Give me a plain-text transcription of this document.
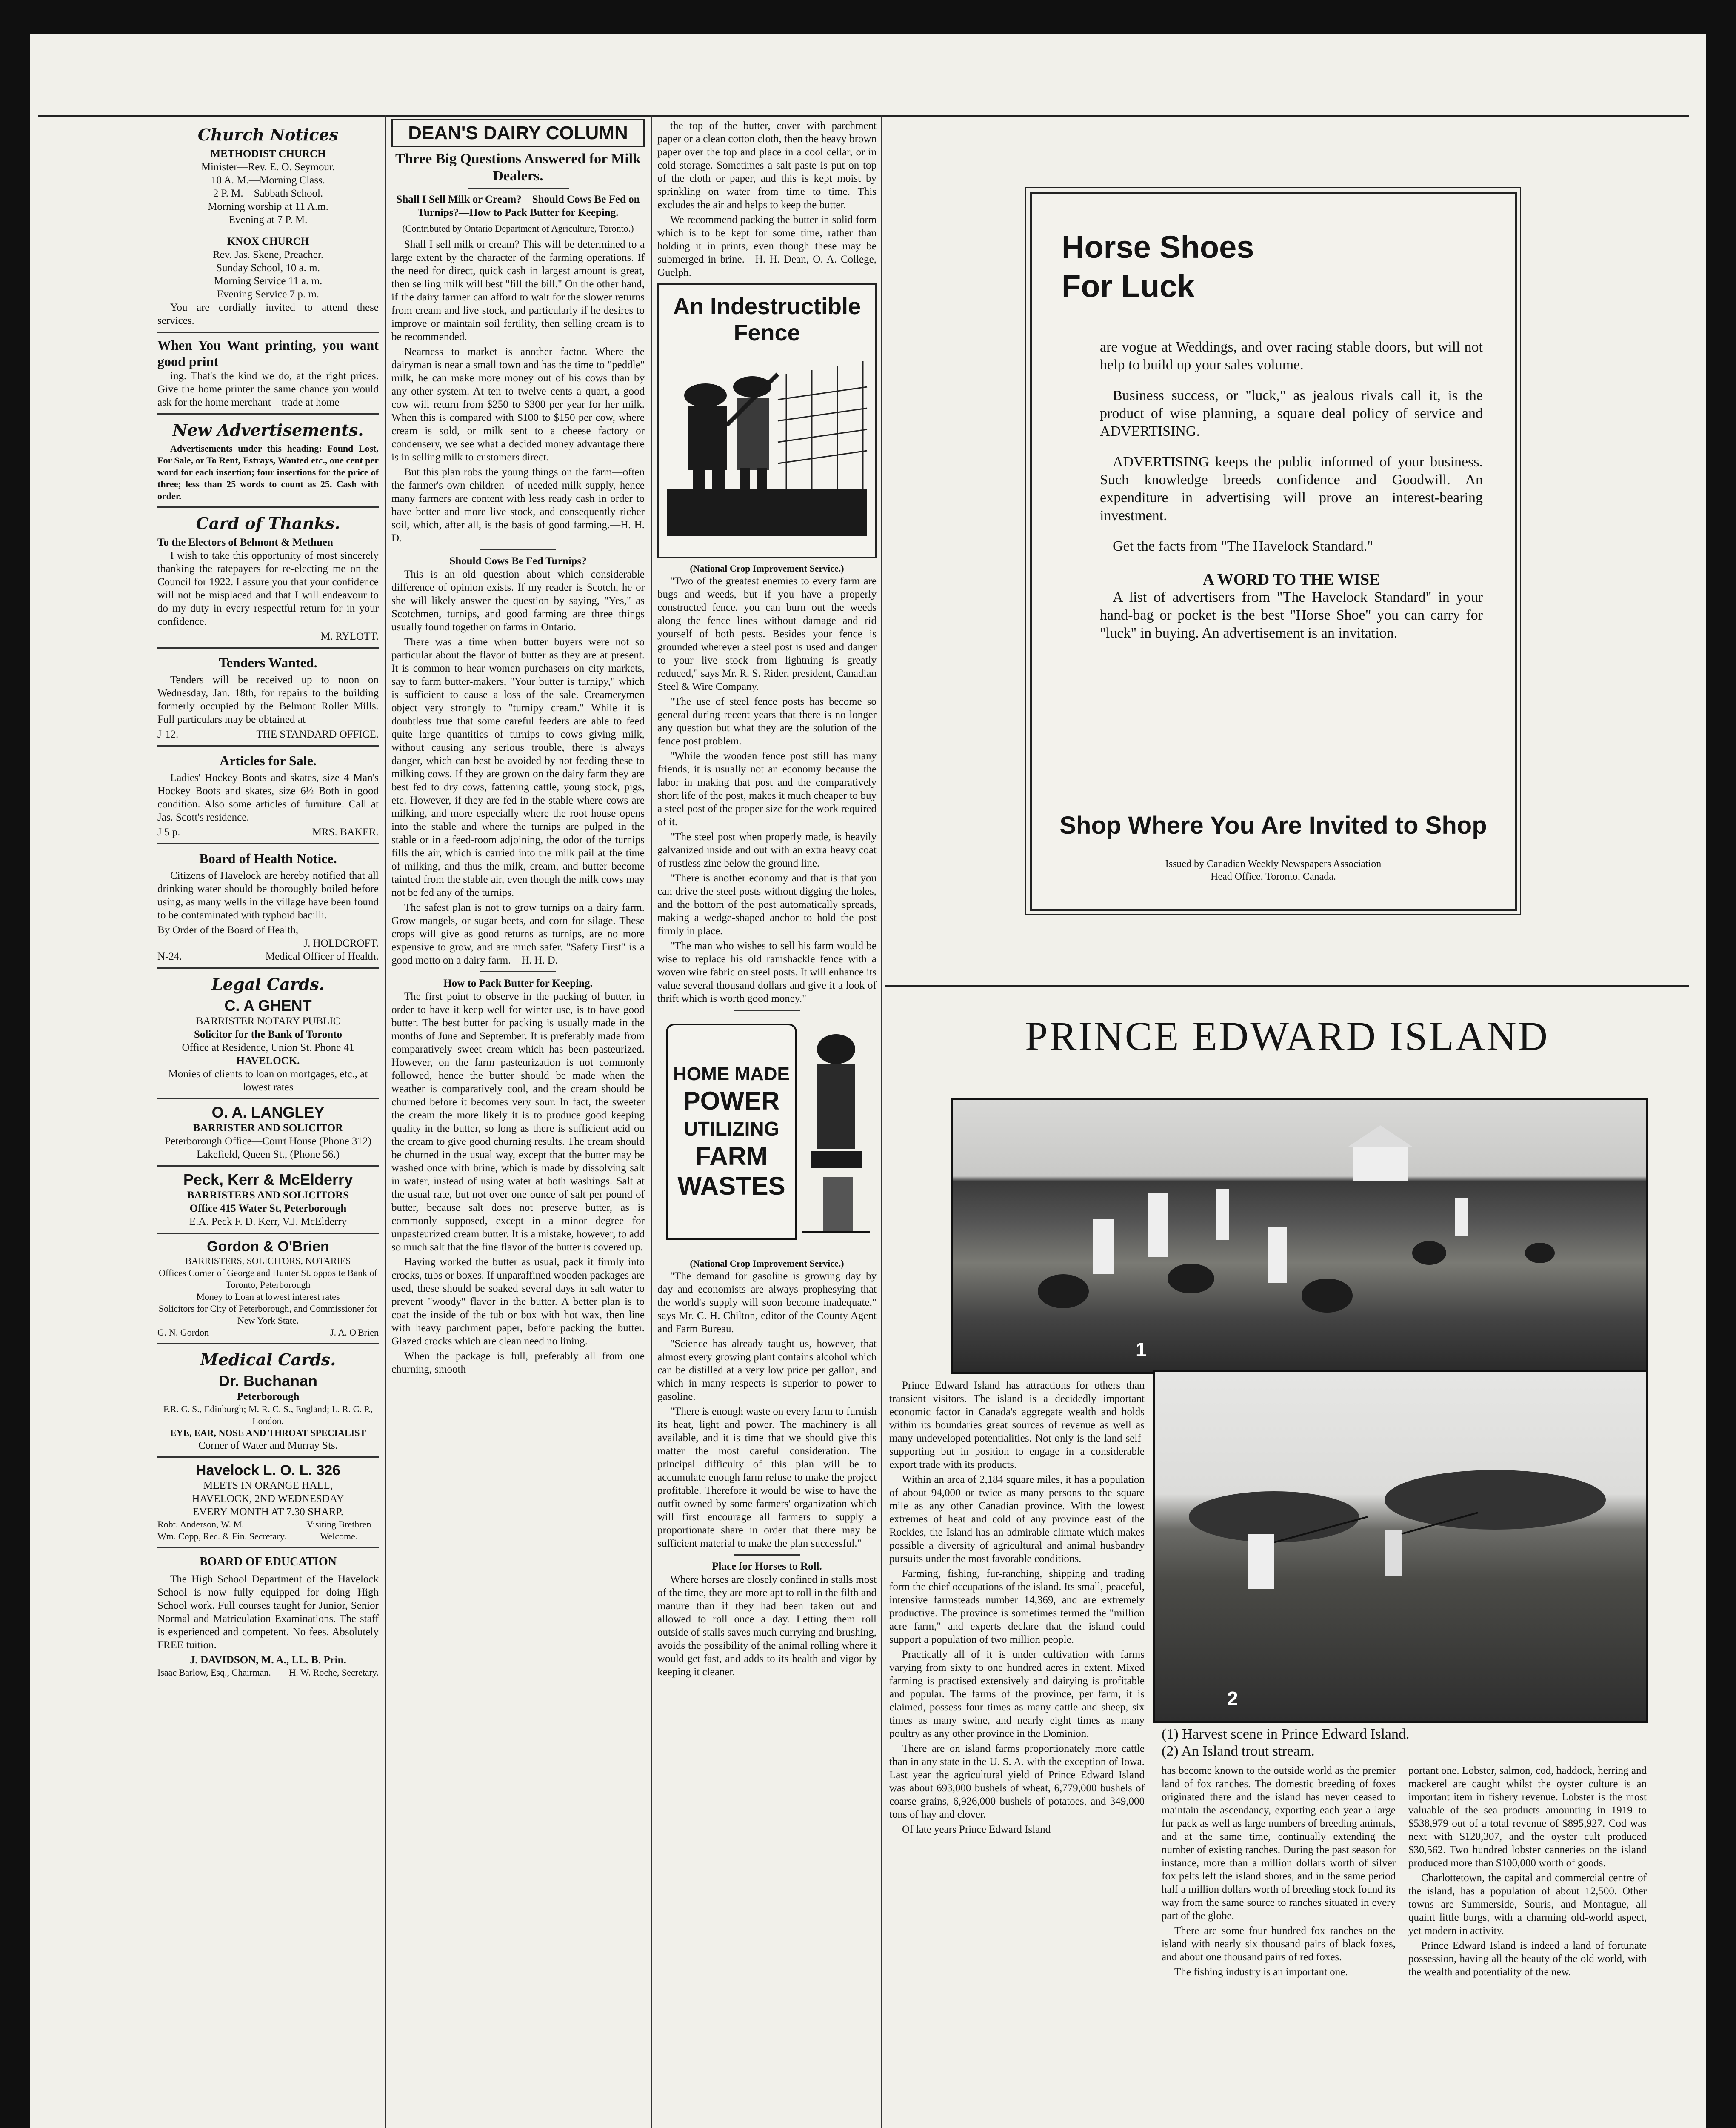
Church Notices
METHODIST CHURCH
Minister—Rev. E. O. Seymour.
10 A. M.—Morning Class.
2 P. M.—Sabbath School.
Morning worship at 11 A.m.
Evening at 7 P. M.
KNOX CHURCH
Rev. Jas. Skene, Preacher.
Sunday School, 10 a. m.
Morning Service 11 a. m.
Evening Service 7 p. m.

You are cordially invited to attend these services.

When You Want printing, you want good print

ing. That's the kind we do, at the right prices. Give the home printer the same chance you would ask for the home merchant—trade at home

New Advertisements.

Advertisements under this heading: Found Lost, For Sale, or To Rent, Estrays, Wanted etc., one cent per word for each insertion; four insertions for the price of three; less than 25 words to count as 25. Cash with order.

Card of Thanks.
To the Electors of Belmont & Methuen

I wish to take this opportunity of most sincerely thanking the ratepayers for re-electing me on the Council for 1922. I assure you that your confidence will not be misplaced and that I will endeavour to do my duty in every respectful return for in your confidence.

M. RYLOTT.
Tenders Wanted.

Tenders will be received up to noon on Wednesday, Jan. 18th, for repairs to the building formerly occupied by the Belmont Roller Mills. Full particulars may be obtained at

J-12.	THE STANDARD OFFICE.
Articles for Sale.

Ladies' Hockey Boots and skates, size 4 Man's Hockey Boots and skates, size 6½ Both in good condition. Also some articles of furniture. Call at Jas. Scott's residence.

J 5 p.	MRS. BAKER.
Board of Health Notice.

Citizens of Havelock are hereby notified that all drinking water should be thoroughly boiled before using, as many wells in the village have been found to be contaminated with typhoid bacilli.

By Order of the Board of Health,
J. HOLDCROFT.
N-24.	Medical Officer of Health.
Legal Cards.
C. A GHENT
BARRISTER NOTARY PUBLIC
Solicitor for the Bank of Toronto
Office at Residence, Union St. Phone 41
HAVELOCK.
Monies of clients to loan on mortgages, etc., at lowest rates
O. A. LANGLEY
BARRISTER AND SOLICITOR
Peterborough Office—Court House (Phone 312)
Lakefield, Queen St., (Phone 56.)
Peck, Kerr & McElderry
BARRISTERS AND SOLICITORS
Office 415 Water St, Peterborough
E.A. Peck F. D. Kerr, V.J. McElderry
Gordon & O'Brien
BARRISTERS, SOLICITORS, NOTARIES
Offices Corner of George and Hunter St. opposite Bank of Toronto, Peterborough
Money to Loan at lowest interest rates
Solicitors for City of Peterborough, and Commissioner for New York State.
G. N. Gordon	J. A. O'Brien
Medical Cards.
Dr. Buchanan
Peterborough
F.R. C. S., Edinburgh; M. R. C. S., England; L. R. C. P., London.
EYE, EAR, NOSE AND THROAT SPECIALIST
Corner of Water and Murray Sts.
Havelock L. O. L. 326
MEETS IN ORANGE HALL,
HAVELOCK, 2ND WEDNESDAY
EVERY MONTH AT 7.30 SHARP.
Robt. Anderson, W. M.
Wm. Copp, Rec. & Fin. Secretary.
Visiting Brethren Welcome.
BOARD OF EDUCATION

The High School Department of the Havelock School is now fully equipped for doing High School work. Full courses taught for Junior, Senior Normal and Matriculation Examinations. The staff is experienced and competent. No fees. Absolutely FREE tuition.

J. DAVIDSON, M. A., LL. B. Prin.
Isaac Barlow, Esq., Chairman. H. W. Roche, Secretary.
DEAN'S DAIRY COLUMN
Three Big Questions Answered for Milk Dealers.
Shall I Sell Milk or Cream?—Should Cows Be Fed on Turnips?—How to Pack Butter for Keeping.
(Contributed by Ontario Department of Agriculture, Toronto.)

Shall I sell milk or cream? This will be determined to a large extent by the character of the farming operations. If the need for direct, quick cash in largest amount is great, then selling milk will best "fill the bill." On the other hand, if the dairy farmer can afford to wait for the slower returns from cream and live stock, and particularly if he desires to improve or maintain soil fertility, then selling cream is to be recommended.

Nearness to market is another factor. Where the dairyman is near a small town and has the time to "peddle" milk, he can make more money out of his cows than by any other system. At ten to twelve cents a quart, a good cow will return from $250 to $300 per year for her milk. When this is compared with $100 to $150 per cow, where cream is sold, or milk sent to a cheese factory or condensery, we see what a decided money advantage there is in selling milk to customers direct.

But this plan robs the young things on the farm—often the farmer's own children—of needed milk supply, hence many farmers are content with less ready cash in order to have better and more live stock, and consequently richer soil, which, after all, is the basis of good farming.—H. H. D.

Should Cows Be Fed Turnips?

This is an old question about which considerable difference of opinion exists. If my reader is Scotch, he or she will likely answer the question by saying, "Yes," as Scotchmen, turnips, and good farming are three things usually found together on farms in Ontario.

There was a time when butter buyers were not so particular about the flavor of butter as they are at present. It is common to hear women purchasers on city markets, say to farm butter-makers, "Your butter is turnipy," which is sufficient to cause a loss of the sale. Creamerymen object very strongly to "turnipy cream." While it is doubtless true that some careful feeders are able to feed quite large quantities of turnips to cows giving milk, without causing any serious trouble, there is always danger, which can best be avoided by not feeding these to milking cows. If they are grown on the dairy farm they are best fed to dry cows, fattening cattle, young stock, pigs, etc. However, if they are fed in the stable where cows are milking, and more especially where the root house opens into the stable and where the turnips are pulped in the stable or in a feed-room adjoining, the odor of the turnips fills the air, which is carried into the milk pail at the time of milking, and thus the milk, cream, and butter become tainted from the stable air, even though the milk cows may not be fed any of the turnips.

The safest plan is not to grow turnips on a dairy farm. Grow mangels, or sugar beets, and corn for silage. These crops will give as good returns as turnips, are no more expensive to grow, and are much safer. "Safety First" is a good motto on a dairy farm.—H. H. D.

How to Pack Butter for Keeping.

The first point to observe in the packing of butter, in order to have it keep well for winter use, is to have good butter. The best butter for packing is usually made in the months of June and September. It is preferably made from comparatively sweet cream which has been pasteurized. However, on the farm pasteurization is not commonly followed, hence the butter should be made when the weather is comparatively cool, and the cream should be churned before it becomes very sour. In fact, the sweeter the cream the more likely it is to produce good keeping quality in the butter, so long as there is sufficient acid on the cream to give good churning results. The cream should be churned in the usual way, except that the butter may be washed once with brine, which is made by dissolving salt in water, instead of using water at both washings. Salt at the usual rate, but not over one ounce of salt per pound of butter, because salt does not preserve butter, as is commonly supposed, except in a minor degree for unpasteurized cream butter. It is a mistake, however, to add so much salt that the fine flavor of the butter is covered up.

Having worked the butter as usual, pack it firmly into crocks, tubs or boxes. If unparaffined wooden packages are used, these should be soaked several days in salt water to prevent "woody" flavor in the butter. A better plan is to coat the inside of the tub or box with hot wax, then line with heavy parchment paper, before packing the butter. Glazed crocks which are clean need no lining.

When the package is full, preferably all from one churning, smooth

the top of the butter, cover with parchment paper or a clean cotton cloth, then the heavy brown paper over the top and place in a cool cellar, or in cold storage. Sometimes a salt paste is put on top of the cloth or paper, and this is kept moist by sprinkling on water from time to time. This excludes the air and helps to keep the butter.

We recommend packing the butter in solid form which is to be kept for some time, rather than holding it in prints, even though these may be submerged in brine.—H. H. Dean, O. A. College, Guelph.

An Indestructible Fence
(National Crop Improvement Service.)

"Two of the greatest enemies to every farm are bugs and weeds, but if you have a properly constructed fence, you can burn out the weeds along the fence lines without damage and rid yourself of both pests. Besides your fence is grounded wherever a steel post is used and danger to your live stock from lightning is greatly reduced," says Mr. R. S. Rider, president, Canadian Steel & Wire Company.

"The use of steel fence posts has become so general during recent years that there is no longer any question but what they are the solution of the fence post problem.

"While the wooden fence post still has many friends, it is usually not an economy because the labor in making that post and the comparatively short life of the post, makes it much cheaper to buy a steel post of the proper size for the work required of it.

"The steel post when properly made, is heavily galvanized inside and out with an extra heavy coat of rustless zinc below the ground line.

"There is another economy and that is that you can drive the steel posts without digging the holes, and the bottom of the post automatically spreads, making a wedge-shaped anchor to hold the post firmly in place.

"The man who wishes to sell his farm would be wise to replace his old ramshackle fence with a woven wire fabric on steel posts. It will enhance its value several thousand dollars and give it a look of thrift which is worth good money."

HOME MADE
POWER
UTILIZING
FARM
WASTES
(National Crop Improvement Service.)

"The demand for gasoline is growing day by day and economists are always prophesying that the world's supply will soon become inadequate," says Mr. C. H. Chilton, editor of the County Agent and Farm Bureau.

"Science has already taught us, however, that almost every growing plant contains alcohol which can be distilled at a very low price per gallon, and which in many respects is superior to power to gasoline.

"There is enough waste on every farm to furnish its heat, light and power. The machinery is all available, and it is time that we should give this matter the most careful consideration. The principal difficulty of this plan will be to accumulate enough farm refuse to make the project profitable. Therefore it would be wise to have the outfit owned by some farmers' organization which will first encourage all farmers to supply a proportionate share in order that there may be sufficient material to make the plan successful."

Place for Horses to Roll.

Where horses are closely confined in stalls most of the time, they are more apt to roll in the filth and manure than if they had been taken out and allowed to roll once a day. Letting them roll outside of stalls saves much currying and brushing, avoids the possibility of the animal rolling where it would get fast, and adds to its health and vigor by keeping it cleaner.

Horse Shoes
For Luck

are vogue at Weddings, and over racing stable doors, but will not help to build up your sales volume.

Business success, or "luck," as jealous rivals call it, is the product of wise planning, a square deal policy of service and ADVERTISING.

ADVERTISING keeps the public informed of your business. Such knowledge breeds confidence and Goodwill. An expenditure in advertising will prove an interest-bearing investment.

Get the facts from "The Havelock Standard."

A WORD TO THE WISE

A list of advertisers from "The Havelock Standard" in your hand-bag or pocket is the best "Horse Shoe" you can carry for "luck" in buying. An advertisement is an invitation.

Shop Where You Are Invited to Shop
Issued by Canadian Weekly Newspapers Association
Head Office, Toronto, Canada.
PRINCE EDWARD ISLAND
1

Prince Edward Island has attractions for others than transient visitors. The island is a decidedly important economic factor in Canada's aggregate wealth and holds within its boundaries great sources of revenue as well as many undeveloped potentialities. Not only is the land self-supporting but in position to engage in a considerable export trade with its products.

Within an area of 2,184 square miles, it has a population of about 94,000 or twice as many persons to the square mile as any other Canadian province. With the lowest extremes of heat and cold of any province east of the Rockies, the Island has an admirable climate which makes possible a diversity of agricultural and animal husbandry pursuits under the most favorable conditions.

Farming, fishing, fur-ranching, shipping and trading form the chief occupations of the island. Its small, peaceful, intensive farmsteads number 14,369, and are extremely productive. The province is sometimes termed the "million acre farm," and experts declare that the island could support a population of two million people.

Practically all of it is under cultivation with farms varying from sixty to one hundred acres in extent. Mixed farming is practised extensively and dairying is profitable and popular. The farms of the province, per farm, it is claimed, possess four times as many cattle and sheep, six times as many swine, and nearly eight times as many poultry as any other province in the Dominion.

There are on island farms proportionately more cattle than in any state in the U. S. A. with the exception of Iowa. Last year the agricultural yield of Prince Edward Island was about 693,000 bushels of wheat, 6,779,000 bushels of coarse grains, 6,926,000 bushels of potatoes, and 349,000 tons of hay and clover.

Of late years Prince Edward Island

2
(1) Harvest scene in Prince Edward Island.
(2) An Island trout stream.

has become known to the outside world as the premier land of fox ranches. The domestic breeding of foxes originated there and the island has never ceased to maintain the ascendancy, exporting each year a large fur pack as well as large numbers of breeding animals, and at the same time, continually extending the number of existing ranches. During the past season for instance, more than a million dollars worth of silver fox pelts left the island shores, and in the same period half a million dollars worth of breeding stock found its way from the same source to ranches situated in every part of the globe.

There are some four hundred fox ranches on the island with nearly six thousand pairs of black foxes, and about one thousand pairs of red foxes.

The fishing industry is an important one.

portant one. Lobster, salmon, cod, haddock, herring and mackerel are caught whilst the oyster culture is an important item in fishery revenue. Lobster is the most valuable of the sea products amounting in 1919 to $538,979 out of a total revenue of $895,927. Cod was next with $120,307, and the oyster cult produced $30,562. Two hundred lobster canneries on the island produced more than $100,000 worth of goods.

Charlottetown, the capital and commercial centre of the island, has a population of about 12,500. Other towns are Summerside, Souris, and Montague, all quaint little burgs, with a charming old-world aspect, yet modern in activity.

Prince Edward Island is indeed a land of fortunate possession, having all the beauty of the old world, with the wealth and potentiality of the new.
